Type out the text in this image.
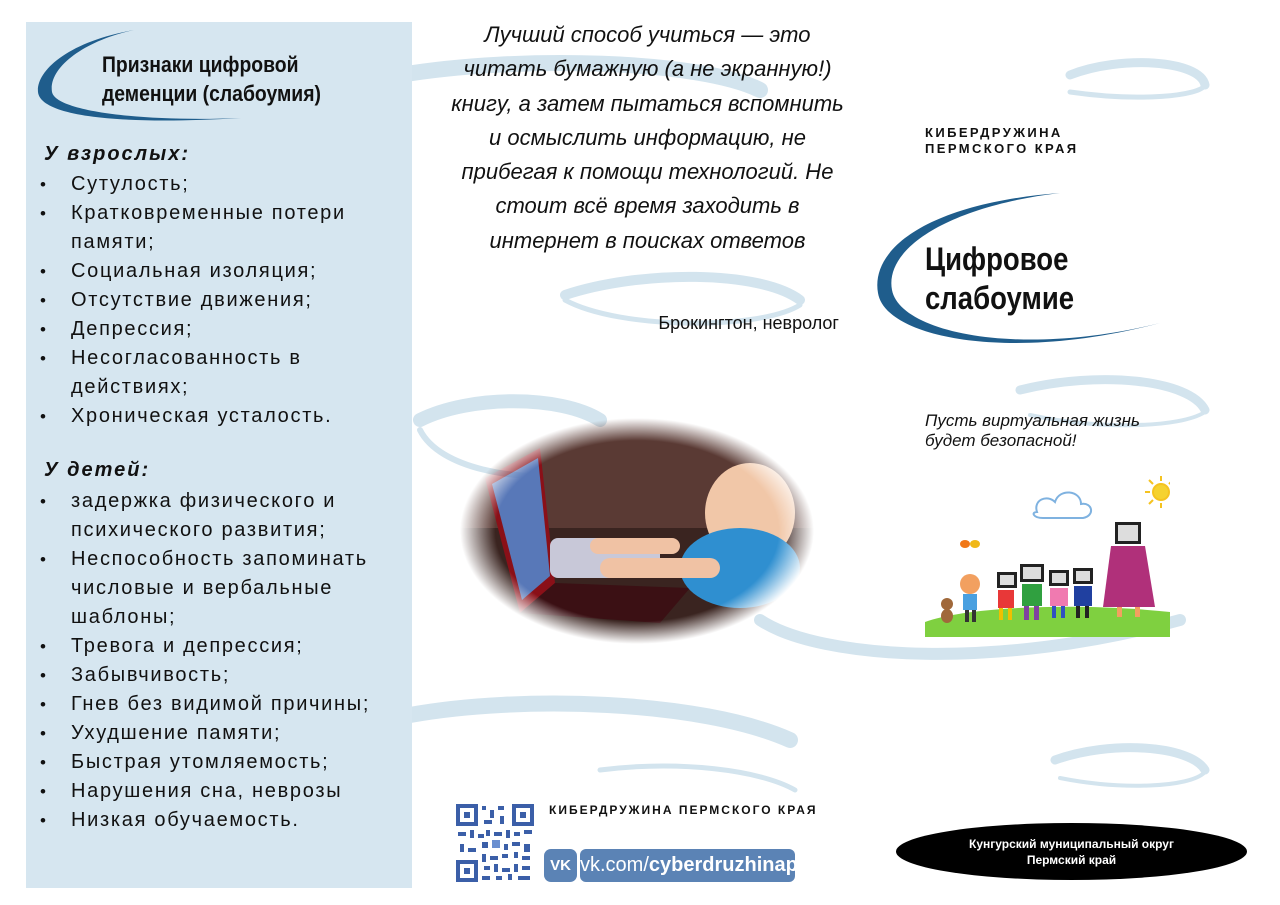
Признаки цифровой деменции (слабоумия)
У взрослых:
• Сутулость;
• Кратковременные потери памяти;
• Социальная изоляция;
• Отсутствие движения;
• Депрессия;
• Несогласованность в действиях;
• Хроническая усталость.
У детей:
• задержка физического и психического развития;
• Неспособность запоминать числовые и вербальные шаблоны;
• Тревога и депрессия;
• Забывчивость;
• Гнев без видимой причины;
• Ухудшение памяти;
• Быстрая утомляемость;
• Нарушения сна, неврозы
• Низкая обучаемость.
Лучший способ учиться — это читать бумажную (а не экранную!) книгу, а затем пытаться вспомнить и осмыслить информацию, не прибегая к помощи технологий. Не стоит всё время заходить в интернет в поисках ответов
Брокингтон, невролог
КИБЕРДРУЖИНА ПЕРМСКОГО КРАЯ
VK vk.com/cyberdruzhinapk
КИБЕРДРУЖИНА
ПЕРМСКОГО КРАЯ
Цифровое
слабоумие
Пусть виртуальная жизнь
будет безопасной!
Кунгурский муниципальный округ
Пермский край
